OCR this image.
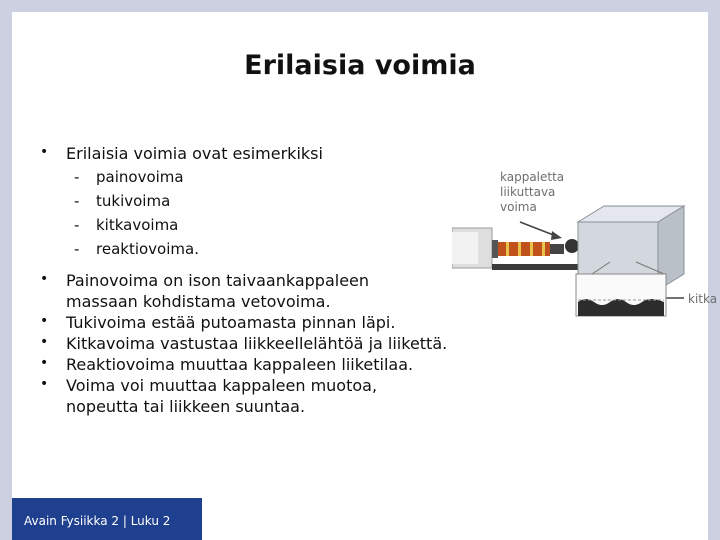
Erilaisia voimia
• Erilaisia voimia ovat esimerkiksi
- painovoima
- tukivoima
- kitkavoima
- reaktiovoima.
kappaletta
liikuttava
voima
kitka
• Painovoima on ison taivaankappaleen massaan kohdistama vetovoima.
• Tukivoima estää putoamasta pinnan läpi.
• Kitkavoima vastustaa liikkeellelähtöä ja liikettä.
• Reaktiovoima muuttaa kappaleen liiketilaa.
• Voima voi muuttaa kappaleen muotoa, nopeutta tai liikkeen suuntaa.
Avain Fysiikka 2 | Luku 2
